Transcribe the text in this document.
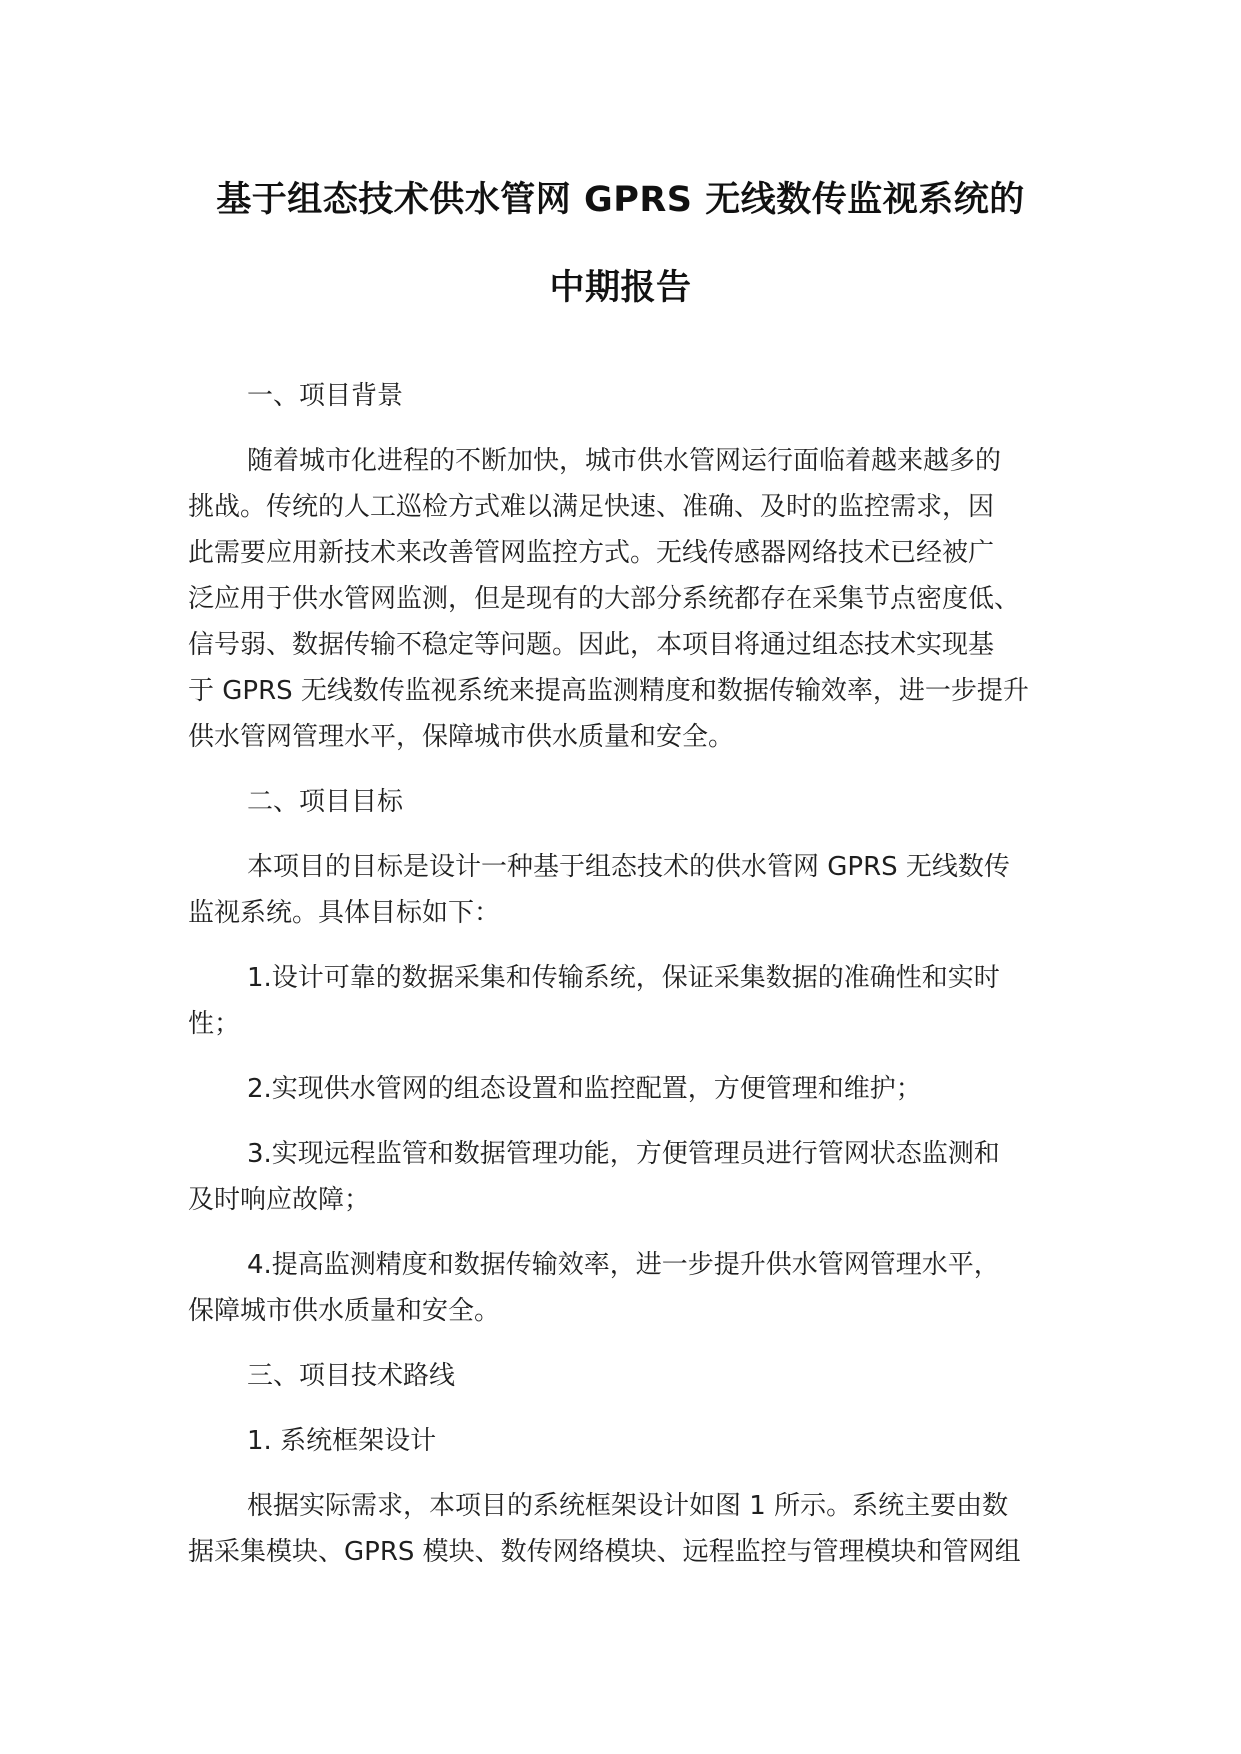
基于组态技术供水管网 GPRS 无线数传监视系统的
中期报告
一、项目背景
随着城市化进程的不断加快，城市供水管网运行面临着越来越多的
挑战。传统的人工巡检方式难以满足快速、准确、及时的监控需求，因
此需要应用新技术来改善管网监控方式。无线传感器网络技术已经被广
泛应用于供水管网监测，但是现有的大部分系统都存在采集节点密度低、
信号弱、数据传输不稳定等问题。因此，本项目将通过组态技术实现基
于 GPRS 无线数传监视系统来提高监测精度和数据传输效率，进一步提升
供水管网管理水平，保障城市供水质量和安全。
二、项目目标
本项目的目标是设计一种基于组态技术的供水管网 GPRS 无线数传
监视系统。具体目标如下：
1.设计可靠的数据采集和传输系统，保证采集数据的准确性和实时
性；
2.实现供水管网的组态设置和监控配置，方便管理和维护；
3.实现远程监管和数据管理功能，方便管理员进行管网状态监测和
及时响应故障；
4.提高监测精度和数据传输效率，进一步提升供水管网管理水平，
保障城市供水质量和安全。
三、项目技术路线
1. 系统框架设计
根据实际需求，本项目的系统框架设计如图 1 所示。系统主要由数
据采集模块、GPRS 模块、数传网络模块、远程监控与管理模块和管网组
